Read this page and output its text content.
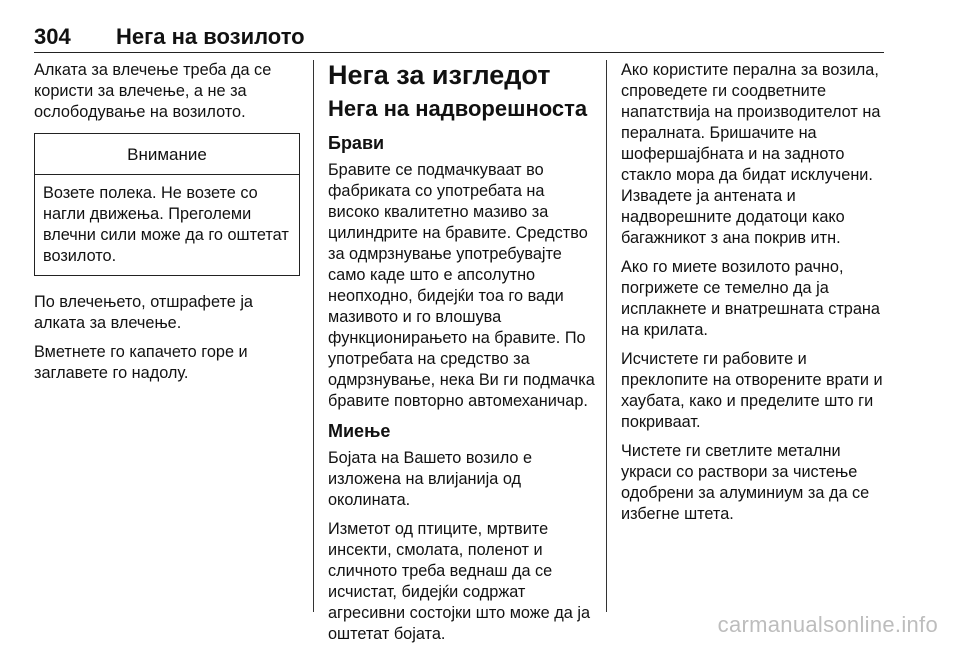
304 Нега на возилото

Алката за влечење треба да се
користи за влечење, а не за
ослободување на возилото.

Внимание
Возете полека. Не возете со
нагли движења. Преголеми
влечни сили може да го оштетат
возилото.

По влечењето, отшрафете ја
алката за влечење.

Вметнете го капачето горе и
заглавете го надолу.

Нега за изгледот
Нега на надворешноста
Брави

Бравите се подмачкуваат во
фабриката со употребата на
високо квалитетно мазиво за
цилиндрите на бравите. Средство
за одмрзнување употребувајте
само каде што е апсолутно
неопходно, бидејќи тоа го вади
мазивото и го влошува
функционирањето на бравите. По
употребата на средство за
одмрзнување, нека Ви ги подмачка
бравите повторно автомеханичар.

Миење

Бојата на Вашето возило е
изложена на влијанија од
околината.

Изметот од птиците, мртвите
инсекти, смолата, поленот и
сличното треба веднаш да се
исчистат, бидејќи содржат
агресивни состојки што може да ја
оштетат бојата.

Ако користите перална за возила,
спроведете ги соодветните
напатствија на производителот на
пералната. Бришачите на
шофершајбната и на задното
стакло мора да бидат исклучени.
Извадете ја антената и
надворешните додатоци како
багажникот з ана покрив итн.

Ако го миете возилото рачно,
погрижете се темелно да ја
исплакнете и внатрешната страна
на крилата.

Исчистете ги рабовите и
преклопите на отворените врати и
хаубата, како и пределите што ги
покриваат.

Чистете ги светлите метални
украси со раствори за чистење
одобрени за алуминиум за да се
избегне штета.

carmanualsonline.info
